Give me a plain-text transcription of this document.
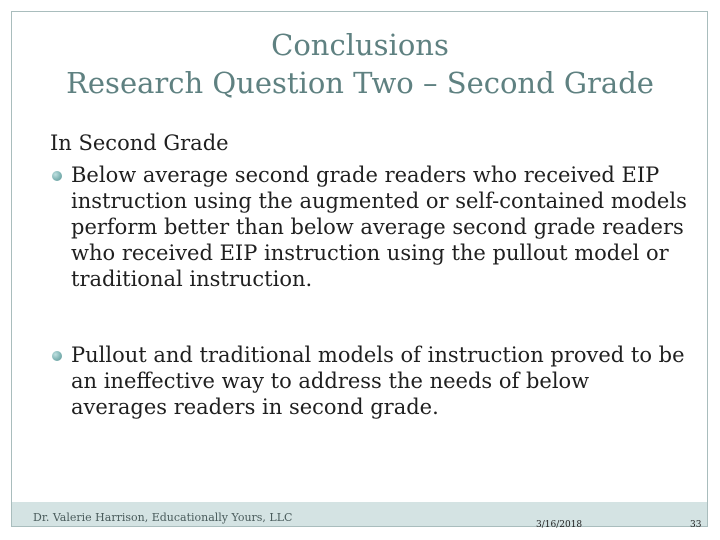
Conclusions
Research Question Two – Second Grade

In Second Grade

Below average second grade readers who received EIP instruction using the augmented or self-contained models perform better than below average second grade readers who received EIP instruction using the pullout model or traditional instruction.

Pullout and traditional models of instruction proved to be an ineffective way to address the needs of below averages readers in second grade.

Dr. Valerie Harrison, Educationally Yours, LLC
3/16/2018	33
